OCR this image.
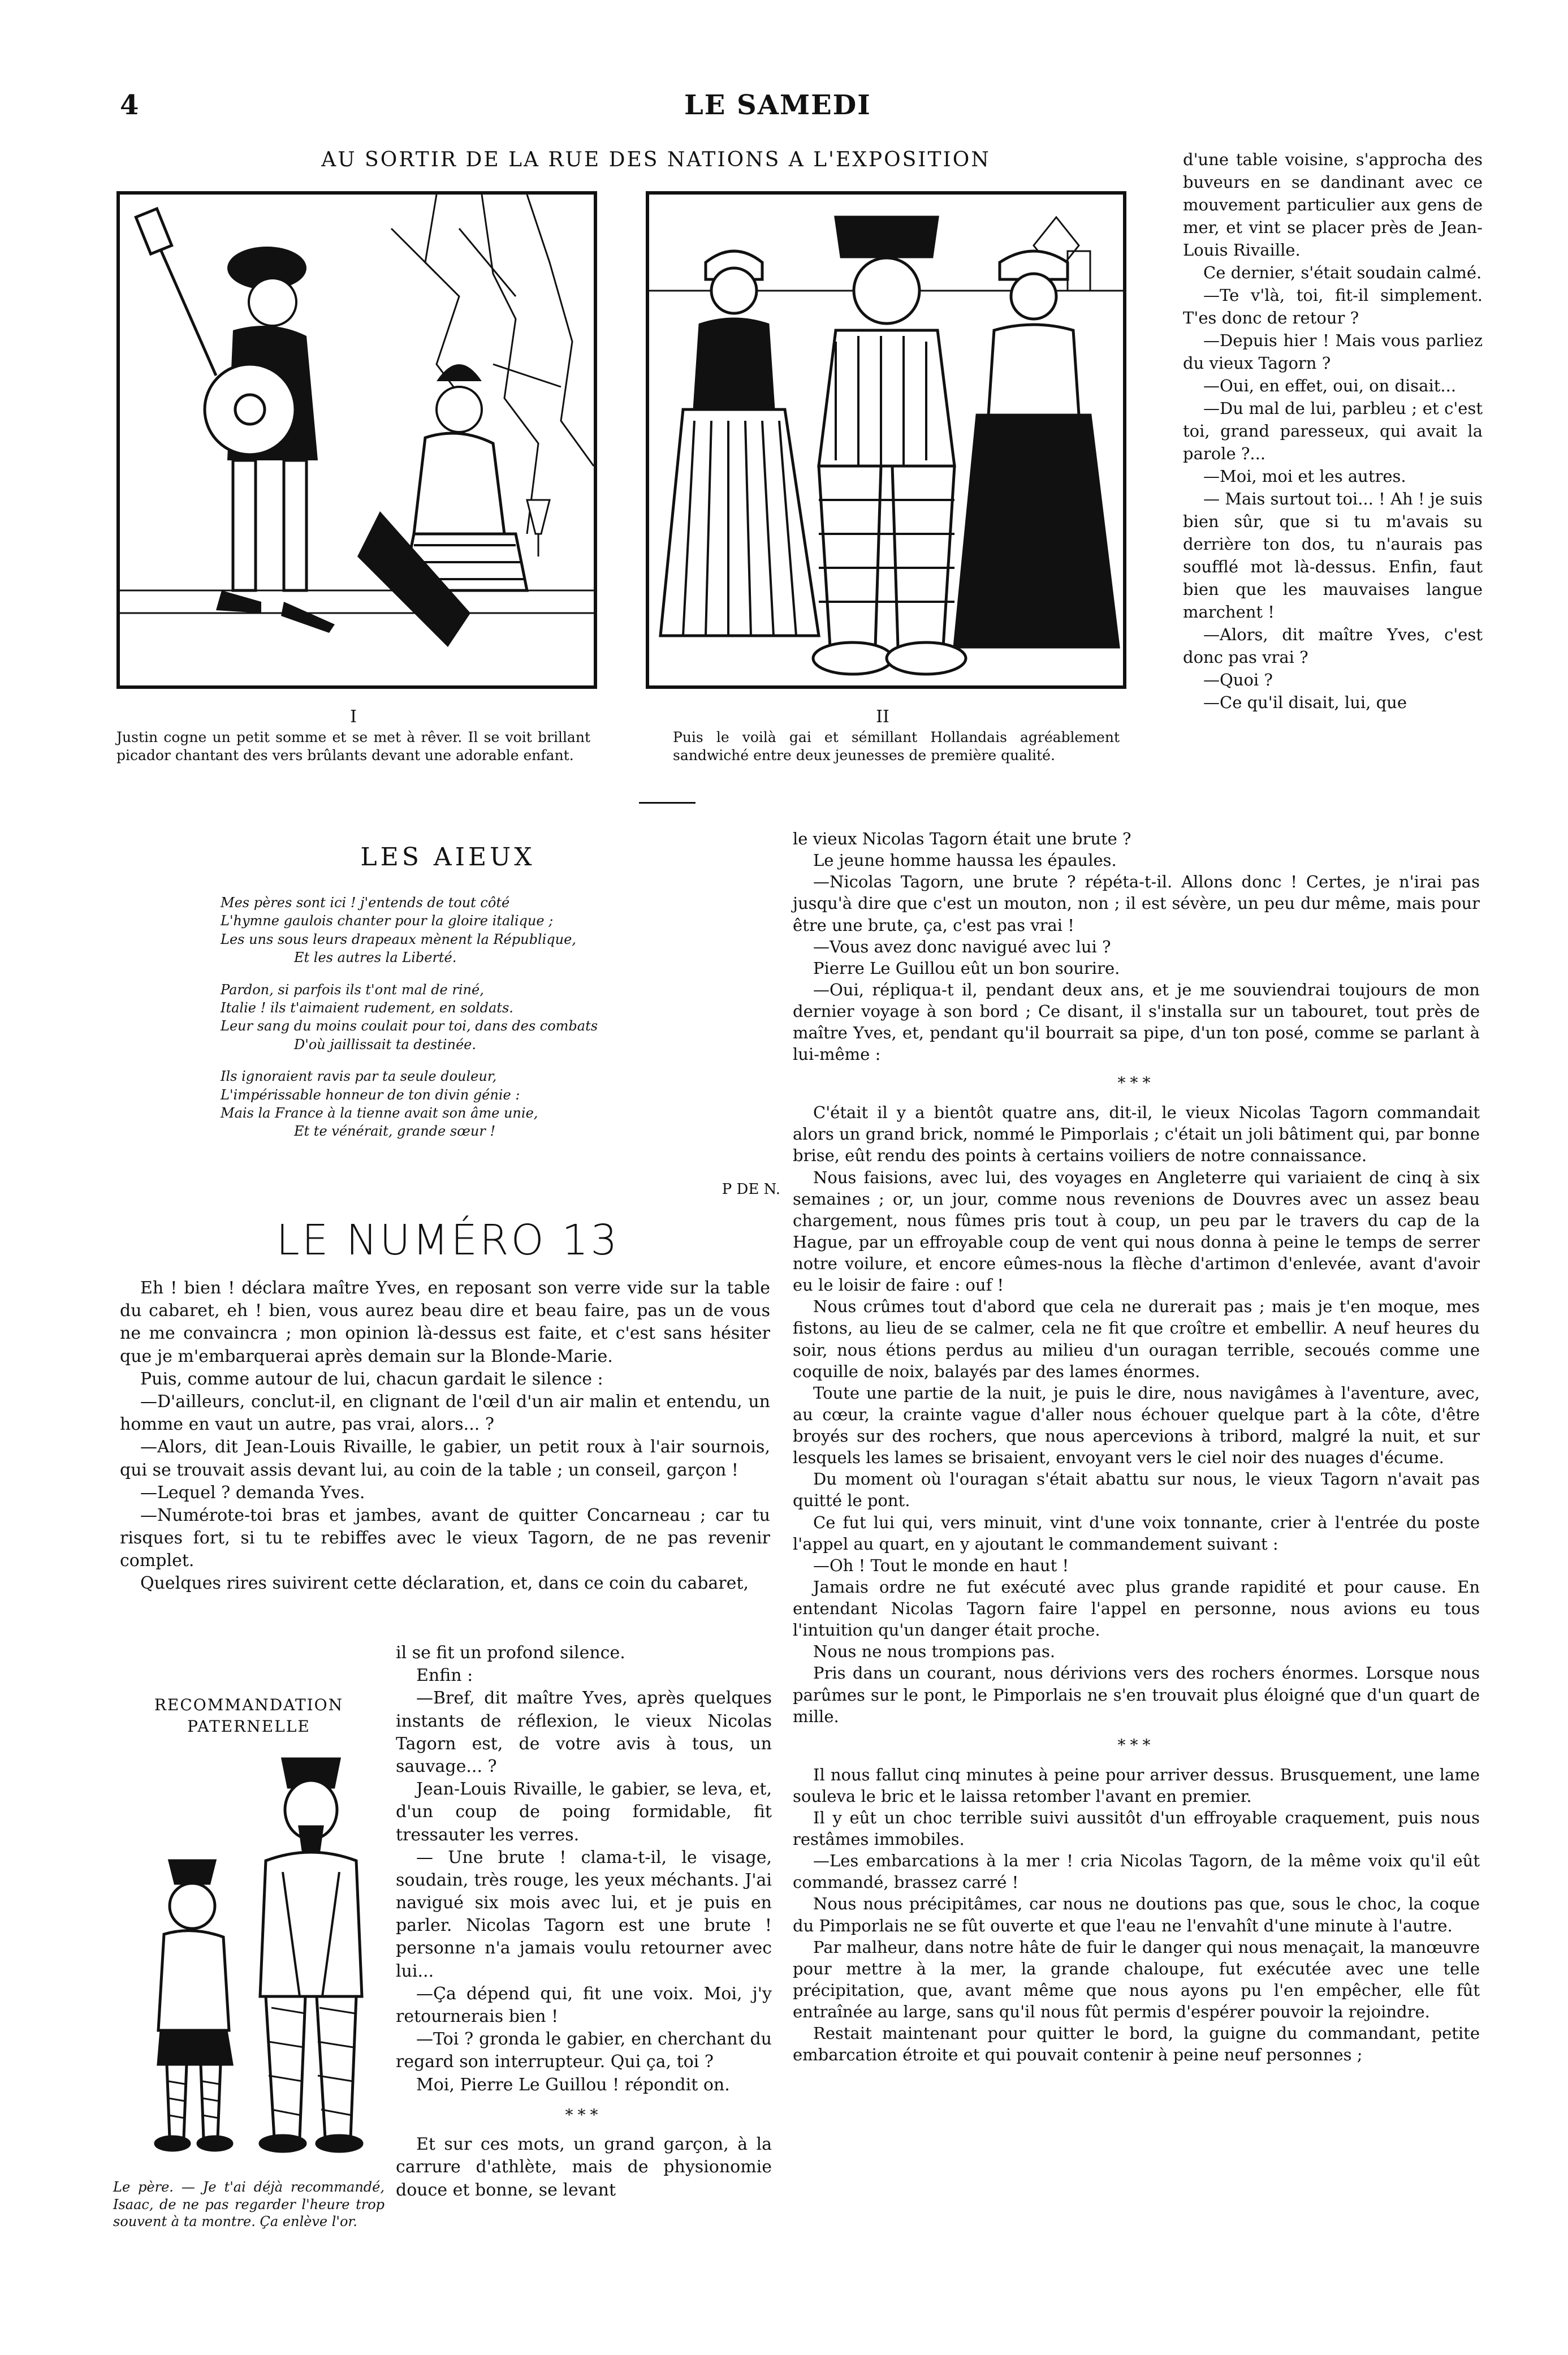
4	LE SAMEDI
AU SORTIR DE LA RUE DES NATIONS A L'EXPOSITION
I
Justin cogne un petit somme et se met à rêver. Il se voit brillant picador chantant des vers brûlants devant une adorable enfant.
II
Puis le voilà gai et sémillant Hollandais agréablement sandwiché entre deux jeunesses de première qualité.

d'une table voisine, s'approcha des buveurs en se dandinant avec ce mouvement particulier aux gens de mer, et vint se placer près de Jean-Louis Rivaille.

Ce dernier, s'était soudain calmé.

—Te v'là, toi, fit-il simplement. T'es donc de retour ?

—Depuis hier ! Mais vous parliez du vieux Tagorn ?

—Oui, en effet, oui, on disait...

—Du mal de lui, parbleu ; et c'est toi, grand paresseux, qui avait la parole ?...

—Moi, moi et les autres.

— Mais surtout toi... ! Ah ! je suis bien sûr, que si tu m'avais su derrière ton dos, tu n'aurais pas soufflé mot là-dessus. Enfin, faut bien que les mauvaises langue marchent !

—Alors, dit maître Yves, c'est donc pas vrai ?

—Quoi ?

—Ce qu'il disait, lui, que

LES AIEUX
Mes pères sont ici ! j'entends de tout côté
L'hymne gaulois chanter pour la gloire italique ;
Les uns sous leurs drapeaux mènent la République,
Et les autres la Liberté.
Pardon, si parfois ils t'ont mal de riné,
Italie ! ils t'aimaient rudement, en soldats.
Leur sang du moins coulait pour toi, dans des combats
D'où jaillissait ta destinée.
Ils ignoraient ravis par ta seule douleur,
L'impérissable honneur de ton divin génie :
Mais la France à la tienne avait son âme unie,
Et te vénérait, grande sœur !
P DE N.
LE NUMÉRO 13

Eh ! bien ! déclara maître Yves, en reposant son verre vide sur la table du cabaret, eh ! bien, vous aurez beau dire et beau faire, pas un de vous ne me convaincra ; mon opinion là-dessus est faite, et c'est sans hésiter que je m'embarquerai après demain sur la Blonde-Marie.

Puis, comme autour de lui, chacun gardait le silence :

—D'ailleurs, conclut-il, en clignant de l'œil d'un air malin et entendu, un homme en vaut un autre, pas vrai, alors... ?

—Alors, dit Jean-Louis Rivaille, le gabier, un petit roux à l'air sournois, qui se trouvait assis devant lui, au coin de la table ; un conseil, garçon !

—Lequel ? demanda Yves.

—Numérote-toi bras et jambes, avant de quitter Concarneau ; car tu risques fort, si tu te rebiffes avec le vieux Tagorn, de ne pas revenir complet.

Quelques rires suivirent cette déclaration, et, dans ce coin du cabaret,

RECOMMANDATION PATERNELLE
Le père. — Je t'ai déjà recommandé, Isaac, de ne pas regarder l'heure trop souvent à ta montre. Ça enlève l'or.

il se fit un profond silence.

Enfin :

—Bref, dit maître Yves, après quelques instants de réflexion, le vieux Nicolas Tagorn est, de votre avis à tous, un sauvage... ?

Jean-Louis Rivaille, le gabier, se leva, et, d'un coup de poing formidable, fit tressauter les verres.

— Une brute ! clama-t-il, le visage, soudain, très rouge, les yeux méchants. J'ai navigué six mois avec lui, et je puis en parler. Nicolas Tagorn est une brute ! personne n'a jamais voulu retourner avec lui...

—Ça dépend qui, fit une voix. Moi, j'y retournerais bien !

—Toi ? gronda le gabier, en cherchant du regard son interrupteur. Qui ça, toi ?

Moi, Pierre Le Guillou ! répondit on.

***

Et sur ces mots, un grand garçon, à la carrure d'athlète, mais de physionomie douce et bonne, se levant

le vieux Nicolas Tagorn était une brute ?

Le jeune homme haussa les épaules.

—Nicolas Tagorn, une brute ? répéta-t-il. Allons donc ! Certes, je n'irai pas jusqu'à dire que c'est un mouton, non ; il est sévère, un peu dur même, mais pour être une brute, ça, c'est pas vrai !

—Vous avez donc navigué avec lui ?

Pierre Le Guillou eût un bon sourire.

—Oui, répliqua-t il, pendant deux ans, et je me souviendrai toujours de mon dernier voyage à son bord ; Ce disant, il s'installa sur un tabouret, tout près de maître Yves, et, pendant qu'il bourrait sa pipe, d'un ton posé, comme se parlant à lui-même :

***

C'était il y a bientôt quatre ans, dit-il, le vieux Nicolas Tagorn commandait alors un grand brick, nommé le Pimporlais ; c'était un joli bâtiment qui, par bonne brise, eût rendu des points à certains voiliers de notre connaissance.

Nous faisions, avec lui, des voyages en Angleterre qui variaient de cinq à six semaines ; or, un jour, comme nous revenions de Douvres avec un assez beau chargement, nous fûmes pris tout à coup, un peu par le travers du cap de la Hague, par un effroyable coup de vent qui nous donna à peine le temps de serrer notre voilure, et encore eûmes-nous la flèche d'artimon d'enlevée, avant d'avoir eu le loisir de faire : ouf !

Nous crûmes tout d'abord que cela ne durerait pas ; mais je t'en moque, mes fistons, au lieu de se calmer, cela ne fit que croître et embellir. A neuf heures du soir, nous étions perdus au milieu d'un ouragan terrible, secoués comme une coquille de noix, balayés par des lames énormes.

Toute une partie de la nuit, je puis le dire, nous navigâmes à l'aventure, avec, au cœur, la crainte vague d'aller nous échouer quelque part à la côte, d'être broyés sur des rochers, que nous apercevions à tribord, malgré la nuit, et sur lesquels les lames se brisaient, envoyant vers le ciel noir des nuages d'écume.

Du moment où l'ouragan s'était abattu sur nous, le vieux Tagorn n'avait pas quitté le pont.

Ce fut lui qui, vers minuit, vint d'une voix tonnante, crier à l'entrée du poste l'appel au quart, en y ajoutant le commandement suivant :

—Oh ! Tout le monde en haut !

Jamais ordre ne fut exécuté avec plus grande rapidité et pour cause. En entendant Nicolas Tagorn faire l'appel en personne, nous avions eu tous l'intuition qu'un danger était proche.

Nous ne nous trompions pas.

Pris dans un courant, nous dérivions vers des rochers énormes. Lorsque nous parûmes sur le pont, le Pimporlais ne s'en trouvait plus éloigné que d'un quart de mille.

***

Il nous fallut cinq minutes à peine pour arriver dessus. Brusquement, une lame souleva le bric et le laissa retomber l'avant en premier.

Il y eût un choc terrible suivi aussitôt d'un effroyable craquement, puis nous restâmes immobiles.

—Les embarcations à la mer ! cria Nicolas Tagorn, de la même voix qu'il eût commandé, brassez carré !

Nous nous précipitâmes, car nous ne doutions pas que, sous le choc, la coque du Pimporlais ne se fût ouverte et que l'eau ne l'envahît d'une minute à l'autre.

Par malheur, dans notre hâte de fuir le danger qui nous menaçait, la manœuvre pour mettre à la mer, la grande chaloupe, fut exécutée avec une telle précipitation, que, avant même que nous ayons pu l'en empêcher, elle fût entraînée au large, sans qu'il nous fût permis d'espérer pouvoir la rejoindre.

Restait maintenant pour quitter le bord, la guigne du commandant, petite embarcation étroite et qui pouvait contenir à peine neuf personnes ;
